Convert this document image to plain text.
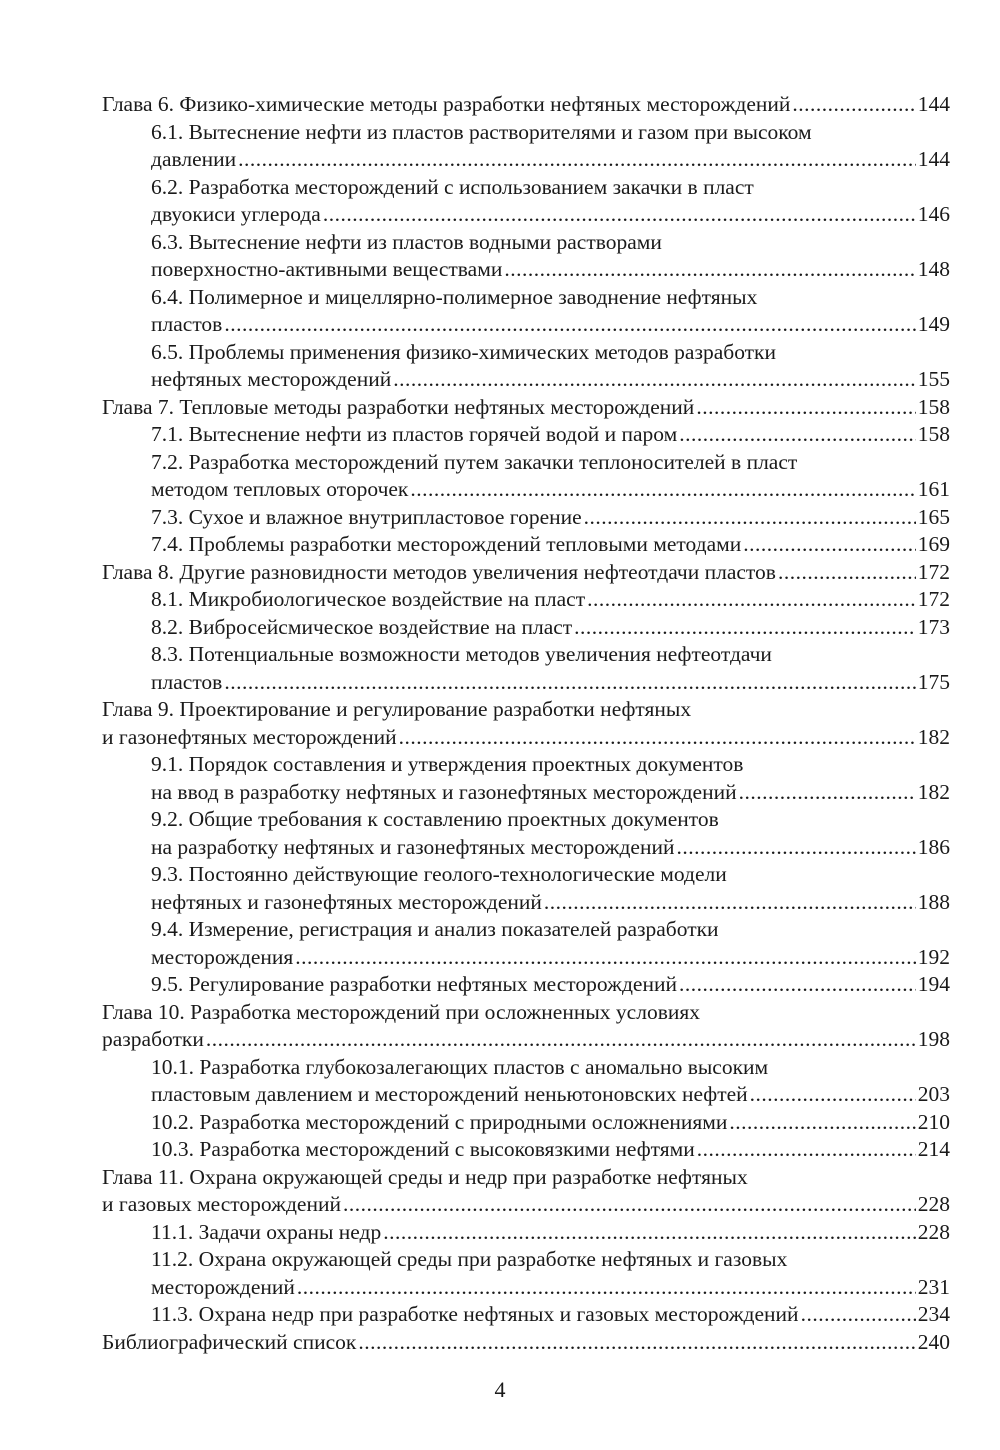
Глава 6. Физико-химические методы разработки нефтяных месторождений .....	144
6.1. Вытеснение нефти из пластов растворителями и газом при высоком
давлении .....	144
6.2. Разработка месторождений с использованием закачки в пласт
двуокиси углерода .....	146
6.3. Вытеснение нефти из пластов водными растворами
поверхностно-активными веществами .....	148
6.4. Полимерное и мицеллярно-полимерное заводнение нефтяных
пластов .....	149
6.5. Проблемы применения физико-химических методов разработки
нефтяных месторождений .....	155
Глава 7. Тепловые методы разработки нефтяных месторождений .....	158
7.1. Вытеснение нефти из пластов горячей водой и паром .....	158
7.2. Разработка месторождений путем закачки теплоносителей в пласт
методом тепловых оторочек .....	161
7.3. Сухое и влажное внутрипластовое горение .....	165
7.4. Проблемы разработки месторождений тепловыми методами .....	169
Глава 8. Другие разновидности методов увеличения нефтеотдачи пластов .....	172
8.1. Микробиологическое воздействие на пласт .....	172
8.2. Вибросейсмическое воздействие на пласт .....	173
8.3. Потенциальные возможности методов увеличения нефтеотдачи
пластов .....	175
Глава 9. Проектирование и регулирование разработки нефтяных
и газонефтяных месторождений .....	182
9.1. Порядок составления и утверждения проектных документов
на ввод в разработку нефтяных и газонефтяных месторождений .....	182
9.2. Общие требования к составлению проектных документов
на разработку нефтяных и газонефтяных месторождений .....	186
9.3. Постоянно действующие геолого-технологические модели
нефтяных и газонефтяных месторождений .....	188
9.4. Измерение, регистрация и анализ показателей разработки
месторождения .....	192
9.5. Регулирование разработки нефтяных месторождений .....	194
Глава 10. Разработка месторождений при осложненных условиях
разработки .....	198
10.1. Разработка глубокозалегающих пластов с аномально высоким
пластовым давлением и месторождений неньютоновских нефтей .....	203
10.2. Разработка месторождений с природными осложнениями .....	210
10.3. Разработка месторождений с высоковязкими нефтями .....	214
Глава 11. Охрана окружающей среды и недр при разработке нефтяных
и газовых месторождений .....	228
11.1. Задачи охраны недр .....	228
11.2. Охрана окружающей среды при разработке нефтяных и газовых
месторождений .....	231
11.3. Охрана недр при разработке нефтяных и газовых месторождений .....	234
Библиографический список .....	240
4
